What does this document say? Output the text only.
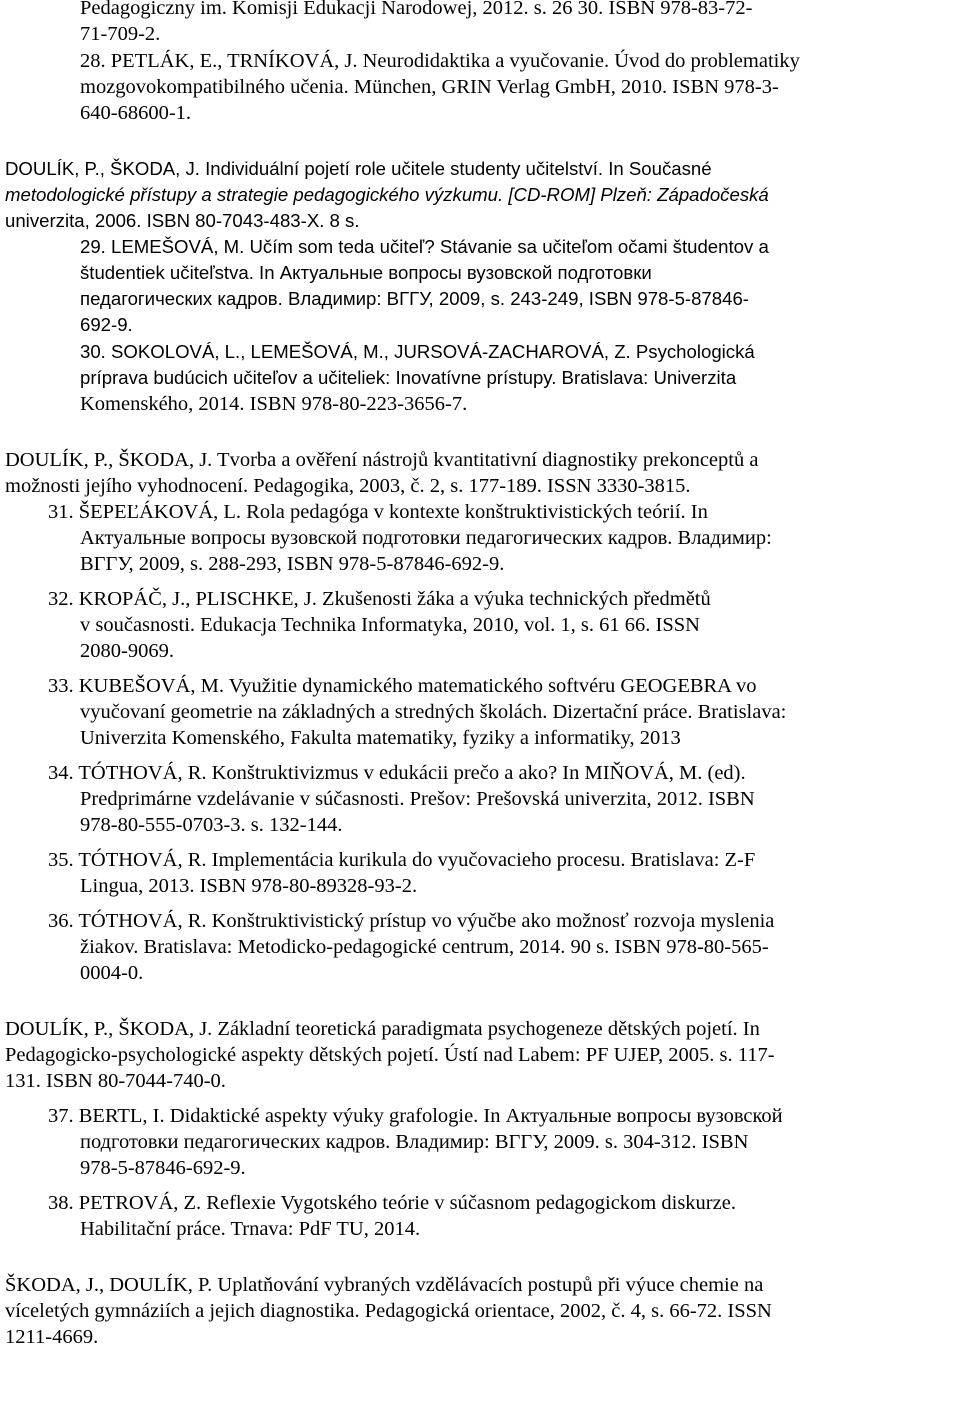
Pedagogiczny im. Komisji Edukacji Narodowej, 2012. s. 26 30. ISBN 978-83-72-
71-709-2.
28. PETLÁK, E., TRNÍKOVÁ, J. Neurodidaktika a vyučovanie. Úvod do problematiky
mozgovokompatibilného učenia. München, GRIN Verlag GmbH, 2010. ISBN 978-3-
640-68600-1.
DOULÍK, P., ŠKODA, J. Individuální pojetí role učitele studenty učitelství. In Současné
metodologické přístupy a strategie pedagogického výzkumu. [CD-ROM] Plzeň: Západočeská
univerzita, 2006. ISBN 80-7043-483-X. 8 s.
29. LEMEŠOVÁ, M. Učím som teda učiteľ? Stávanie sa učiteľom očami študentov a
študentiek učiteľstva. In Актуальные вопросы вузовской подготовки
педагогических кадров. Владимир: ВГГУ, 2009, s. 243-249, ISBN 978-5-87846-
692-9.
30. SOKOLOVÁ, L., LEMEŠOVÁ, M., JURSOVÁ-ZACHAROVÁ, Z. Psychologická
príprava budúcich učiteľov a učiteliek: Inovatívne prístupy. Bratislava: Univerzita
Komenského, 2014. ISBN 978-80-223-3656-7.
DOULÍK, P., ŠKODA, J. Tvorba a ověření nástrojů kvantitativní diagnostiky prekonceptů a
možnosti jejího vyhodnocení. Pedagogika, 2003, č. 2, s. 177-189. ISSN 3330-3815.
31. ŠEPEĽÁKOVÁ, L. Rola pedagóga v kontexte konštruktivistických teórií. In
Актуальные вопросы вузовской подготовки педагогических кадров. Владимир:
ВГГУ, 2009, s. 288-293, ISBN 978-5-87846-692-9.
32. KROPÁČ, J., PLISCHKE, J. Zkušenosti žáka a výuka technických předmětů
v současnosti. Edukacja Technika Informatyka, 2010, vol. 1, s. 61 66. ISSN
2080-9069.
33. KUBEŠOVÁ, M. Využitie dynamického matematického softvéru GEOGEBRA vo
vyučovaní geometrie na základných a stredných školách. Dizertační práce. Bratislava:
Univerzita Komenského, Fakulta matematiky, fyziky a informatiky, 2013
34. TÓTHOVÁ, R. Konštruktivizmus v edukácii prečo a ako? In MIŇOVÁ, M. (ed).
Predprimárne vzdelávanie v súčasnosti. Prešov: Prešovská univerzita, 2012. ISBN
978-80-555-0703-3. s. 132-144.
35. TÓTHOVÁ, R. Implementácia kurikula do vyučovacieho procesu. Bratislava: Z-F
Lingua, 2013. ISBN 978-80-89328-93-2.
36. TÓTHOVÁ, R. Konštruktivistický prístup vo výučbe ako možnosť rozvoja myslenia
žiakov. Bratislava: Metodicko-pedagogické centrum, 2014. 90 s. ISBN 978-80-565-
0004-0.
DOULÍK, P., ŠKODA, J. Základní teoretická paradigmata psychogeneze dětských pojetí. In
Pedagogicko-psychologické aspekty dětských pojetí. Ústí nad Labem: PF UJEP, 2005. s. 117-
131. ISBN 80-7044-740-0.
37. BERTL, I. Didaktické aspekty výuky grafologie. In Актуальные вопросы вузовской
подготовки педагогических кадров. Владимир: ВГГУ, 2009. s. 304-312. ISBN
978-5-87846-692-9.
38. PETROVÁ, Z. Reflexie Vygotského teórie v súčasnom pedagogickom diskurze.
Habilitační práce. Trnava: PdF TU, 2014.
ŠKODA, J., DOULÍK, P. Uplatňování vybraných vzdělávacích postupů při výuce chemie na
víceletých gymnáziích a jejich diagnostika. Pedagogická orientace, 2002, č. 4, s. 66-72. ISSN
1211-4669.
